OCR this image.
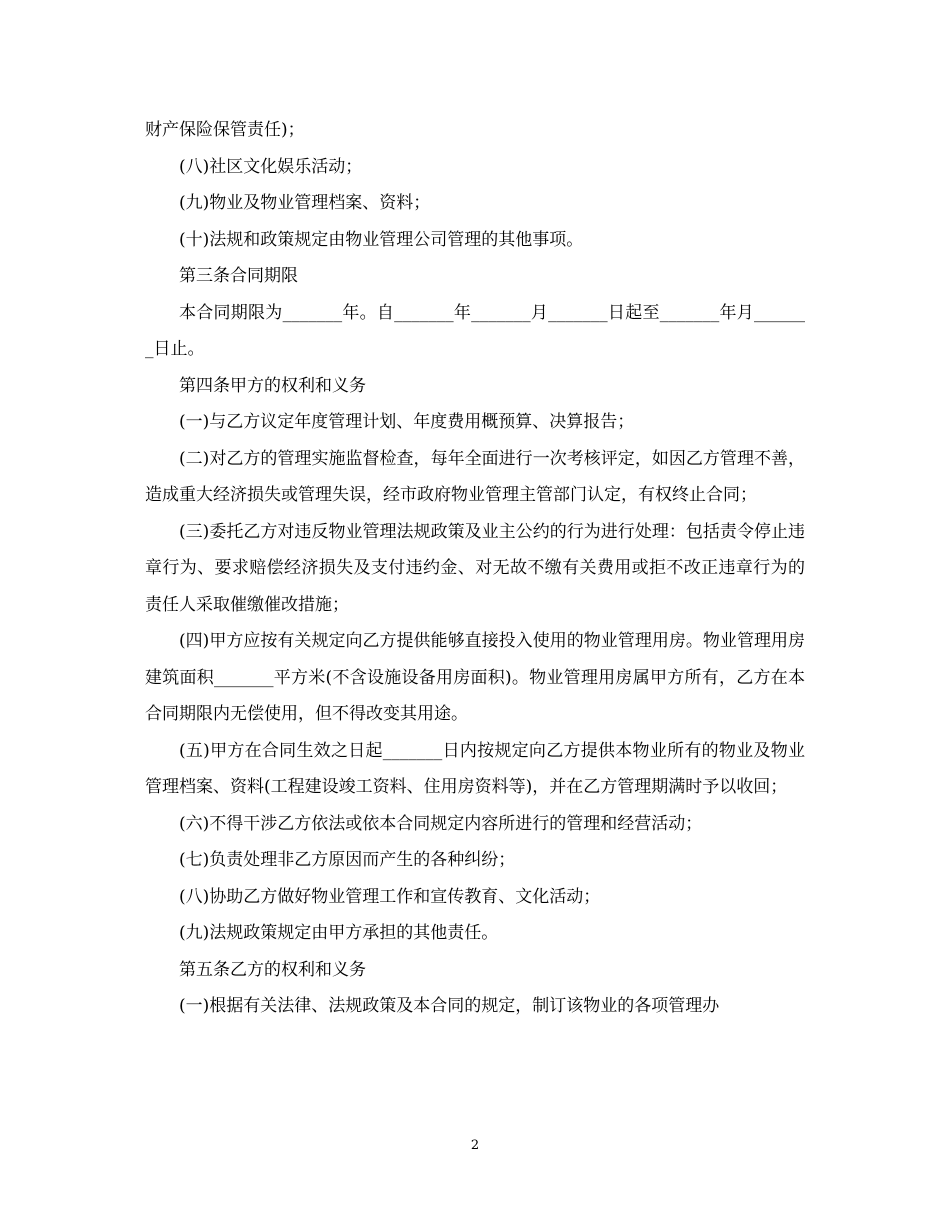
财产保险保管责任)；

(八)社区文化娱乐活动；

(九)物业及物业管理档案、资料；

(十)法规和政策规定由物业管理公司管理的其他事项。

第三条合同期限

本合同期限为_______年。自_______年_______月_______日起至_______年月_______日止。

第四条甲方的权利和义务

(一)与乙方议定年度管理计划、年度费用概预算、决算报告；

(二)对乙方的管理实施监督检查，每年全面进行一次考核评定，如因乙方管理不善，造成重大经济损失或管理失误，经市政府物业管理主管部门认定，有权终止合同；

(三)委托乙方对违反物业管理法规政策及业主公约的行为进行处理：包括责令停止违章行为、要求赔偿经济损失及支付违约金、对无故不缴有关费用或拒不改正违章行为的责任人采取催缴催改措施；

(四)甲方应按有关规定向乙方提供能够直接投入使用的物业管理用房。物业管理用房建筑面积_______平方米(不含设施设备用房面积)。物业管理用房属甲方所有，乙方在本合同期限内无偿使用，但不得改变其用途。

(五)甲方在合同生效之日起_______日内按规定向乙方提供本物业所有的物业及物业管理档案、资料(工程建设竣工资料、住用房资料等)，并在乙方管理期满时予以收回；

(六)不得干涉乙方依法或依本合同规定内容所进行的管理和经营活动；

(七)负责处理非乙方原因而产生的各种纠纷；

(八)协助乙方做好物业管理工作和宣传教育、文化活动；

(九)法规政策规定由甲方承担的其他责任。

第五条乙方的权利和义务

(一)根据有关法律、法规政策及本合同的规定，制订该物业的各项管理办

2
